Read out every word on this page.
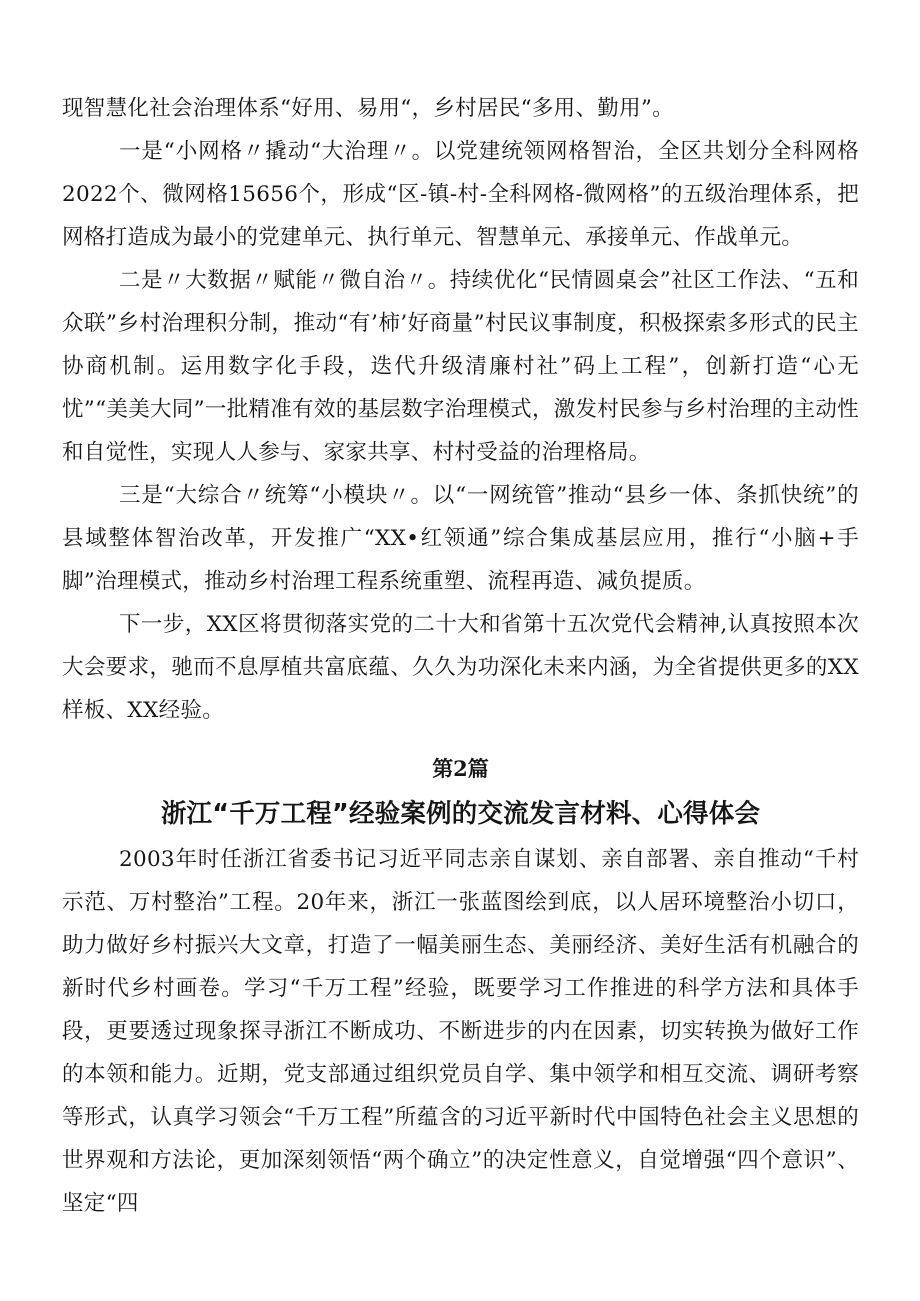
现智慧化社会治理体系“好用、易用“，乡村居民“多用、勤用”。

一是“小网格〃撬动“大治理〃。以党建统领网格智治，全区共划分全科网格2022个、微网格15656个，形成“区-镇-村-全科网格-微网格”的五级治理体系，把网格打造成为最小的党建单元、执行单元、智慧单元、承接单元、作战单元。

二是〃大数据〃赋能〃微自治〃。持续优化“民情圆桌会”社区工作法、“五和众联”乡村治理积分制，推动“有’柿’好商量”村民议事制度，积极探索多形式的民主协商机制。运用数字化手段，迭代升级清廉村社”码上工程”，创新打造“心无忧”“美美大同”一批精准有效的基层数字治理模式，激发村民参与乡村治理的主动性和自觉性，实现人人参与、家家共享、村村受益的治理格局。

三是“大综合〃统筹“小模块〃。以“一网统管”推动“县乡一体、条抓快统”的县域整体智治改革，开发推广“XX•红领通”综合集成基层应用，推行“小脑+手脚”治理模式，推动乡村治理工程系统重塑、流程再造、减负提质。

下一步，XX区将贯彻落实党的二十大和省第十五次党代会精神,认真按照本次大会要求，驰而不息厚植共富底蕴、久久为功深化未来内涵，为全省提供更多的XX样板、XX经验。

第2篇
浙江“千万工程”经验案例的交流发言材料、心得体会

2003年时任浙江省委书记习近平同志亲自谋划、亲自部署、亲自推动“千村示范、万村整治”工程。20年来，浙江一张蓝图绘到底，以人居环境整治小切口，助力做好乡村振兴大文章，打造了一幅美丽生态、美丽经济、美好生活有机融合的新时代乡村画卷。学习“千万工程”经验，既要学习工作推进的科学方法和具体手段，更要透过现象探寻浙江不断成功、不断进步的内在因素，切实转换为做好工作的本领和能力。近期，党支部通过组织党员自学、集中领学和相互交流、调研考察等形式，认真学习领会“千万工程”所蕴含的习近平新时代中国特色社会主义思想的世界观和方法论，更加深刻领悟“两个确立”的决定性意义，自觉增强“四个意识”、坚定“四
